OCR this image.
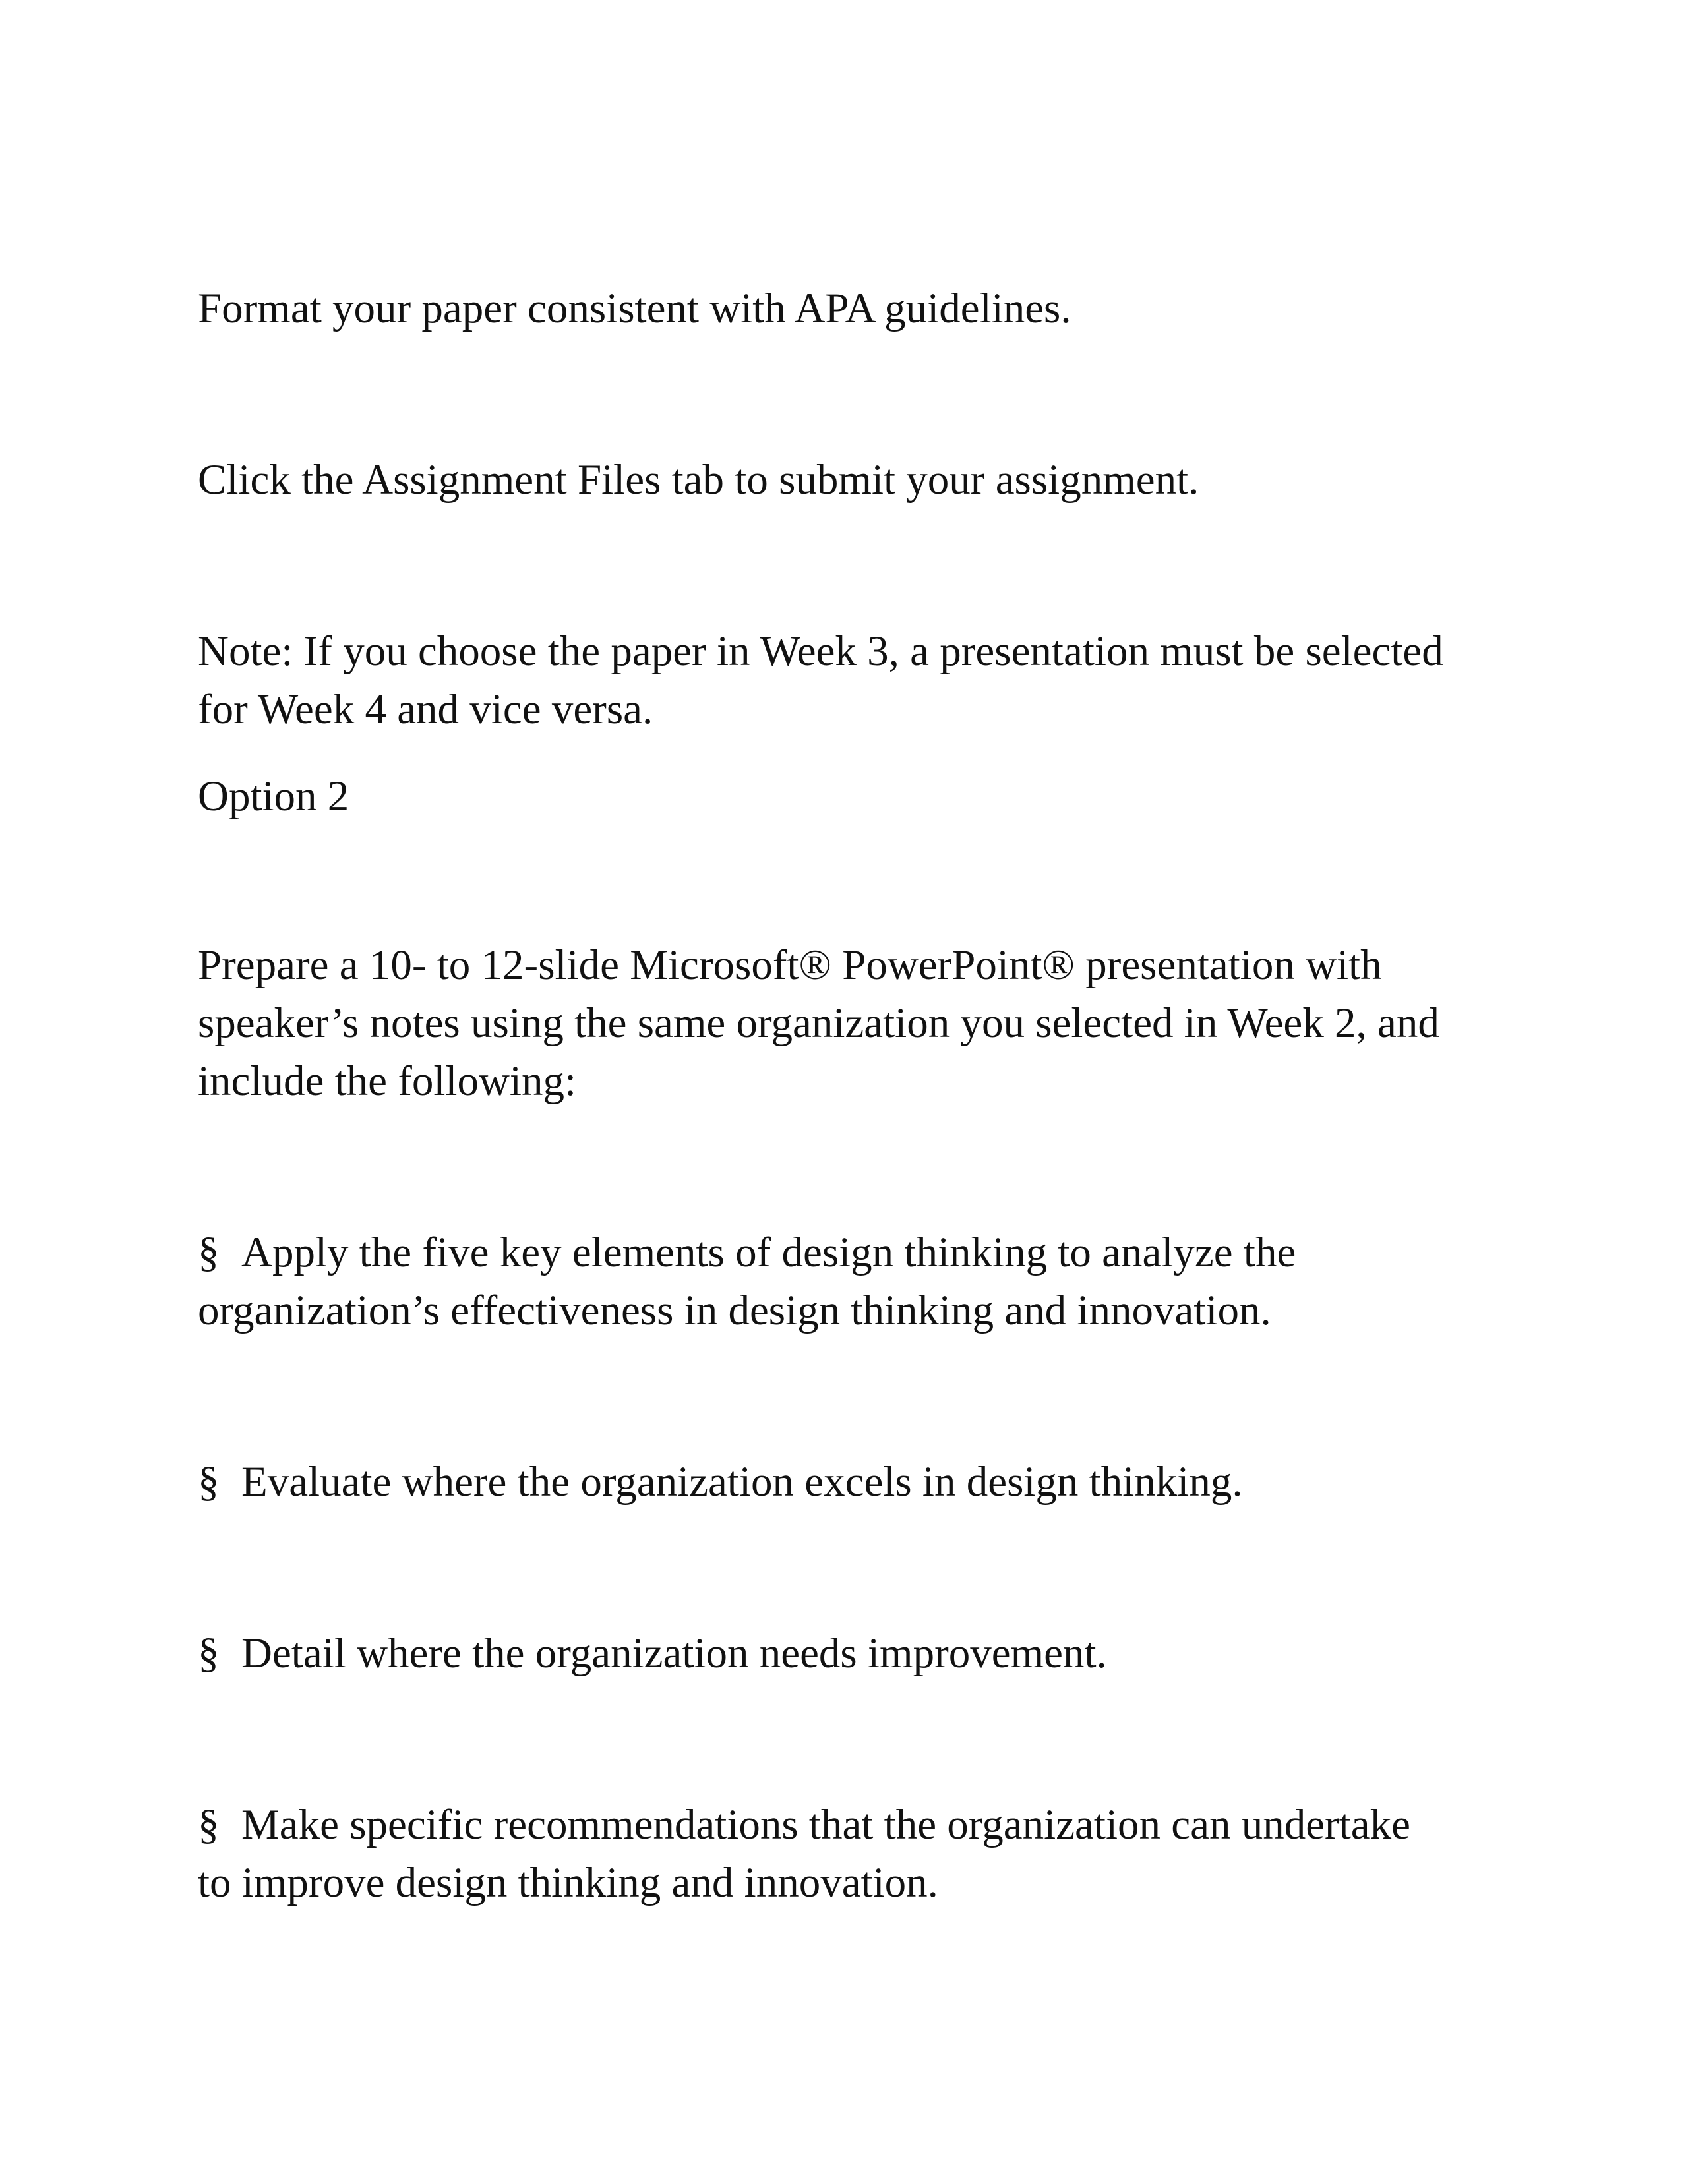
Format your paper consistent with APA guidelines.

Click the Assignment Files tab to submit your assignment.

Note: If you choose the paper in Week 3, a presentation must be selected

for Week 4 and vice versa.

Option 2

Prepare a 10- to 12-slide Microsoft® PowerPoint® presentation with

speaker’s notes using the same organization you selected in Week 2, and

include the following:

§ Apply the five key elements of design thinking to analyze the

organization’s effectiveness in design thinking and innovation.

§ Evaluate where the organization excels in design thinking.

§ Detail where the organization needs improvement.

§ Make specific recommendations that the organization can undertake

to improve design thinking and innovation.
